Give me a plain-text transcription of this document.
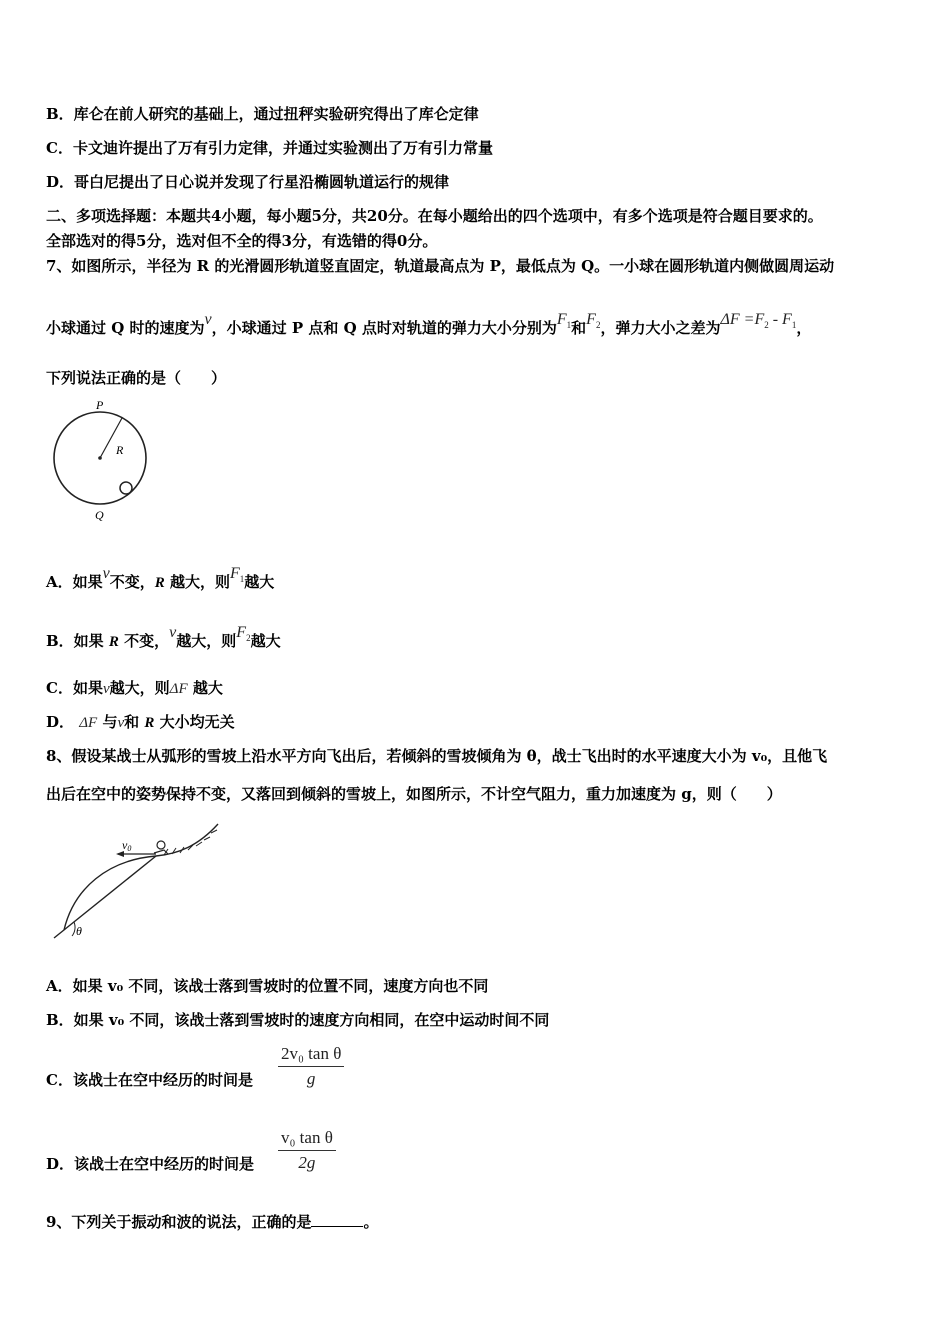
B．库仑在前人研究的基础上，通过扭秤实验研究得出了库仑定律
C．卡文迪许提出了万有引力定律，并通过实验测出了万有引力常量
D．哥白尼提出了日心说并发现了行星沿椭圆轨道运行的规律
二、多项选择题：本题共4小题，每小题5分，共20分。在每小题给出的四个选项中，有多个选项是符合题目要求的。
全部选对的得5分，选对但不全的得3分，有选错的得0分。
7、如图所示，半径为 R 的光滑圆形轨道竖直固定，轨道最高点为 P，最低点为 Q。一小球在圆形轨道内侧做圆周运动
小球通过 Q 时的速度为v，小球通过 P 点和 Q 点时对轨道的弹力大小分别为$F_1$和$F_2$，弹力大小之差为$\Delta F =F_2 - F_1$，
下列说法正确的是（　　）
P
R
Q
A．如果v不变，R 越大，则$F_1$越大
B．如果 R 不变，v越大，则$F_2$越大
C．如果v越大，则ΔF 越大
D． ΔF 与v和 R 大小均无关
8、假设某战士从弧形的雪坡上沿水平方向飞出后，若倾斜的雪坡倾角为 θ，战士飞出时的水平速度大小为 v₀，且他飞
出后在空中的姿势保持不变，又落回到倾斜的雪坡上，如图所示，不计空气阻力，重力加速度为 g，则（　　）
v0
θ
A．如果 v₀ 不同，该战士落到雪坡时的位置不同，速度方向也不同
B．如果 v₀ 不同，该战士落到雪坡时的速度方向相同，在空中运动时间不同
C．该战士在空中经历的时间是 $\frac{\text{2v₀ tan θ}}{g}$
D．该战士在空中经历的时间是 $\frac{\text{v₀ tan θ}}{2g}$
9、下列关于振动和波的说法，正确的是	。
